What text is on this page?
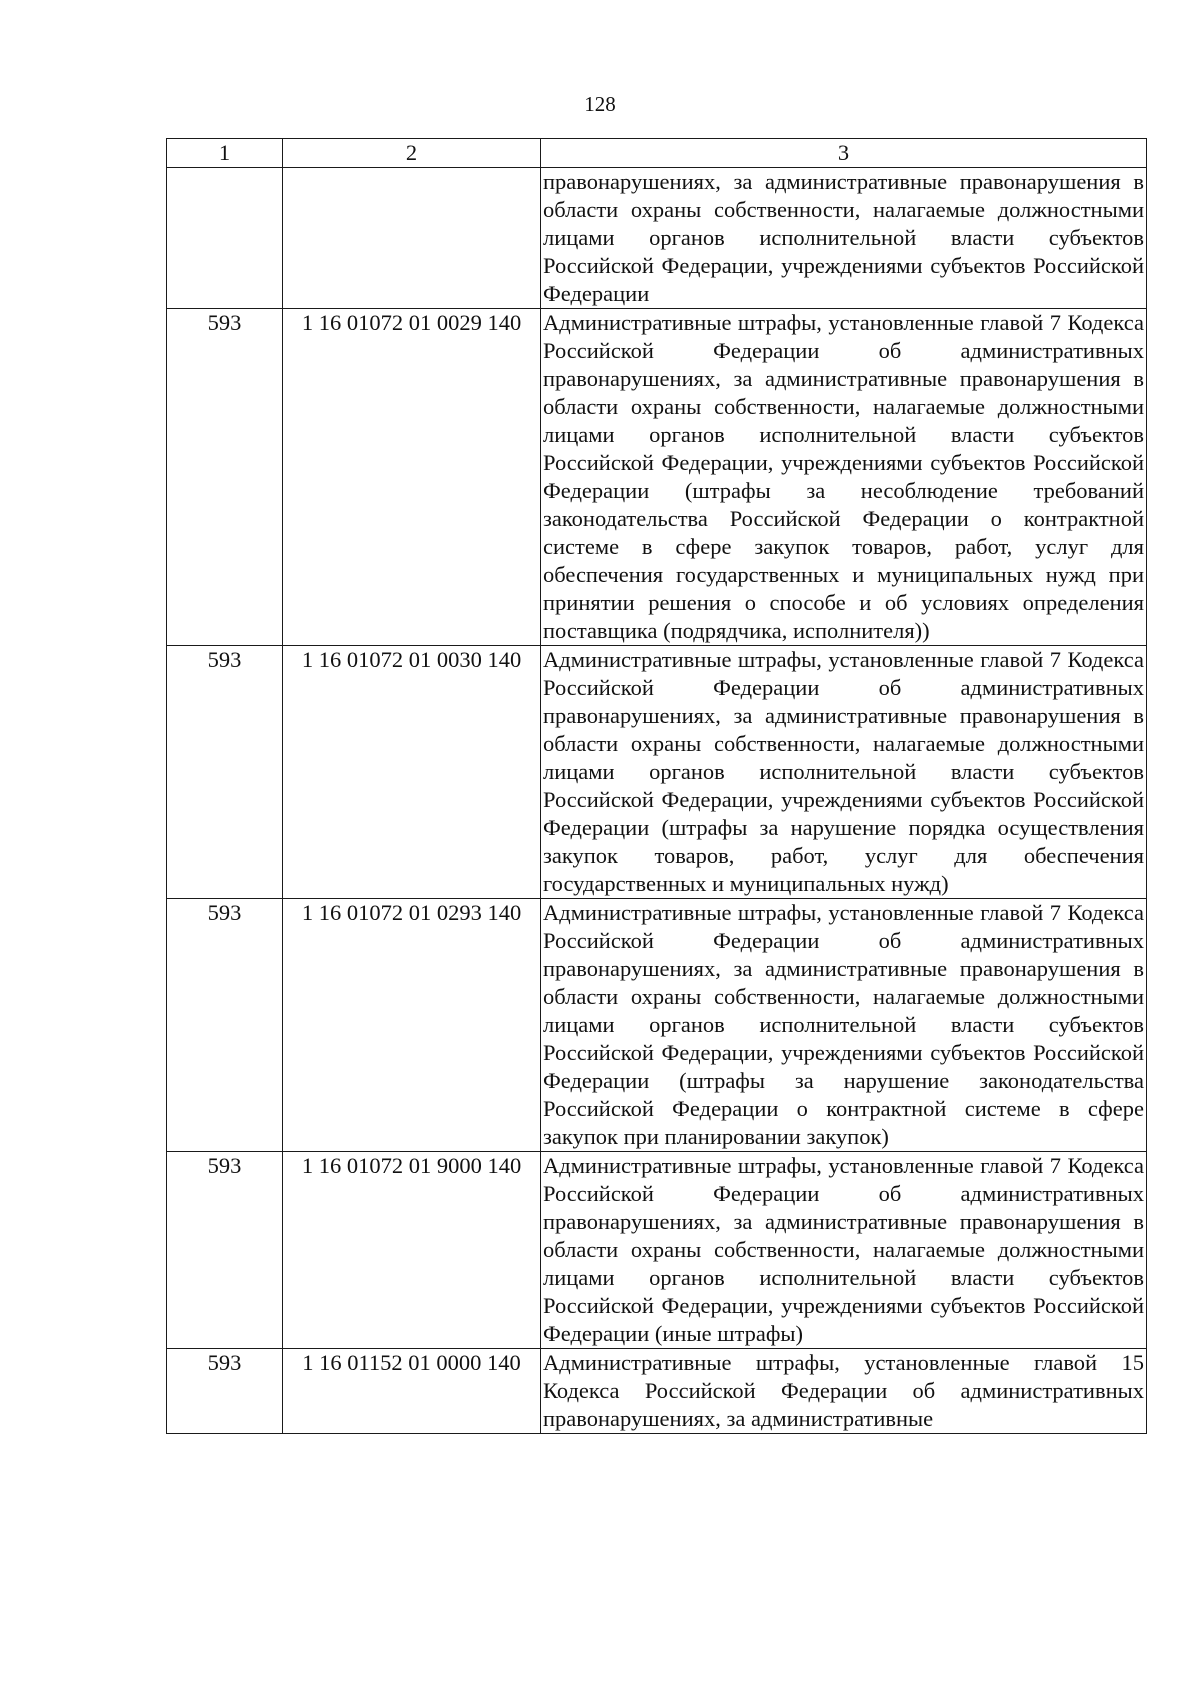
128
1	2	3
		правонарушениях, за административные правонарушения в области охраны собственности, налагаемые должностными лицами органов исполнительной власти субъектов Российской Федерации, учреждениями субъектов Российской Федерации
593	1 16 01072 01 0029 140	Административные штрафы, установленные главой 7 Кодекса Российской Федерации об административных правонарушениях, за административные правонарушения в области охраны собственности, налагаемые должностными лицами органов исполнительной власти субъектов Российской Федерации, учреждениями субъектов Российской Федерации (штрафы за несоблюдение требований законодательства Российской Федерации о контрактной системе в сфере закупок товаров, работ, услуг для обеспечения государственных и муниципальных нужд при принятии решения о способе и об условиях определения поставщика (подрядчика, исполнителя))
593	1 16 01072 01 0030 140	Административные штрафы, установленные главой 7 Кодекса Российской Федерации об административных правонарушениях, за административные правонарушения в области охраны собственности, налагаемые должностными лицами органов исполнительной власти субъектов Российской Федерации, учреждениями субъектов Российской Федерации (штрафы за нарушение порядка осуществления закупок товаров, работ, услуг для обеспечения государственных и муниципальных нужд)
593	1 16 01072 01 0293 140	Административные штрафы, установленные главой 7 Кодекса Российской Федерации об административных правонарушениях, за административные правонарушения в области охраны собственности, налагаемые должностными лицами органов исполнительной власти субъектов Российской Федерации, учреждениями субъектов Российской Федерации (штрафы за нарушение законодательства Российской Федерации о контрактной системе в сфере закупок при планировании закупок)
593	1 16 01072 01 9000 140	Административные штрафы, установленные главой 7 Кодекса Российской Федерации об административных правонарушениях, за административные правонарушения в области охраны собственности, налагаемые должностными лицами органов исполнительной власти субъектов Российской Федерации, учреждениями субъектов Российской Федерации (иные штрафы)
593	1 16 01152 01 0000 140	Административные штрафы, установленные главой 15 Кодекса Российской Федерации об административных правонарушениях, за административные
